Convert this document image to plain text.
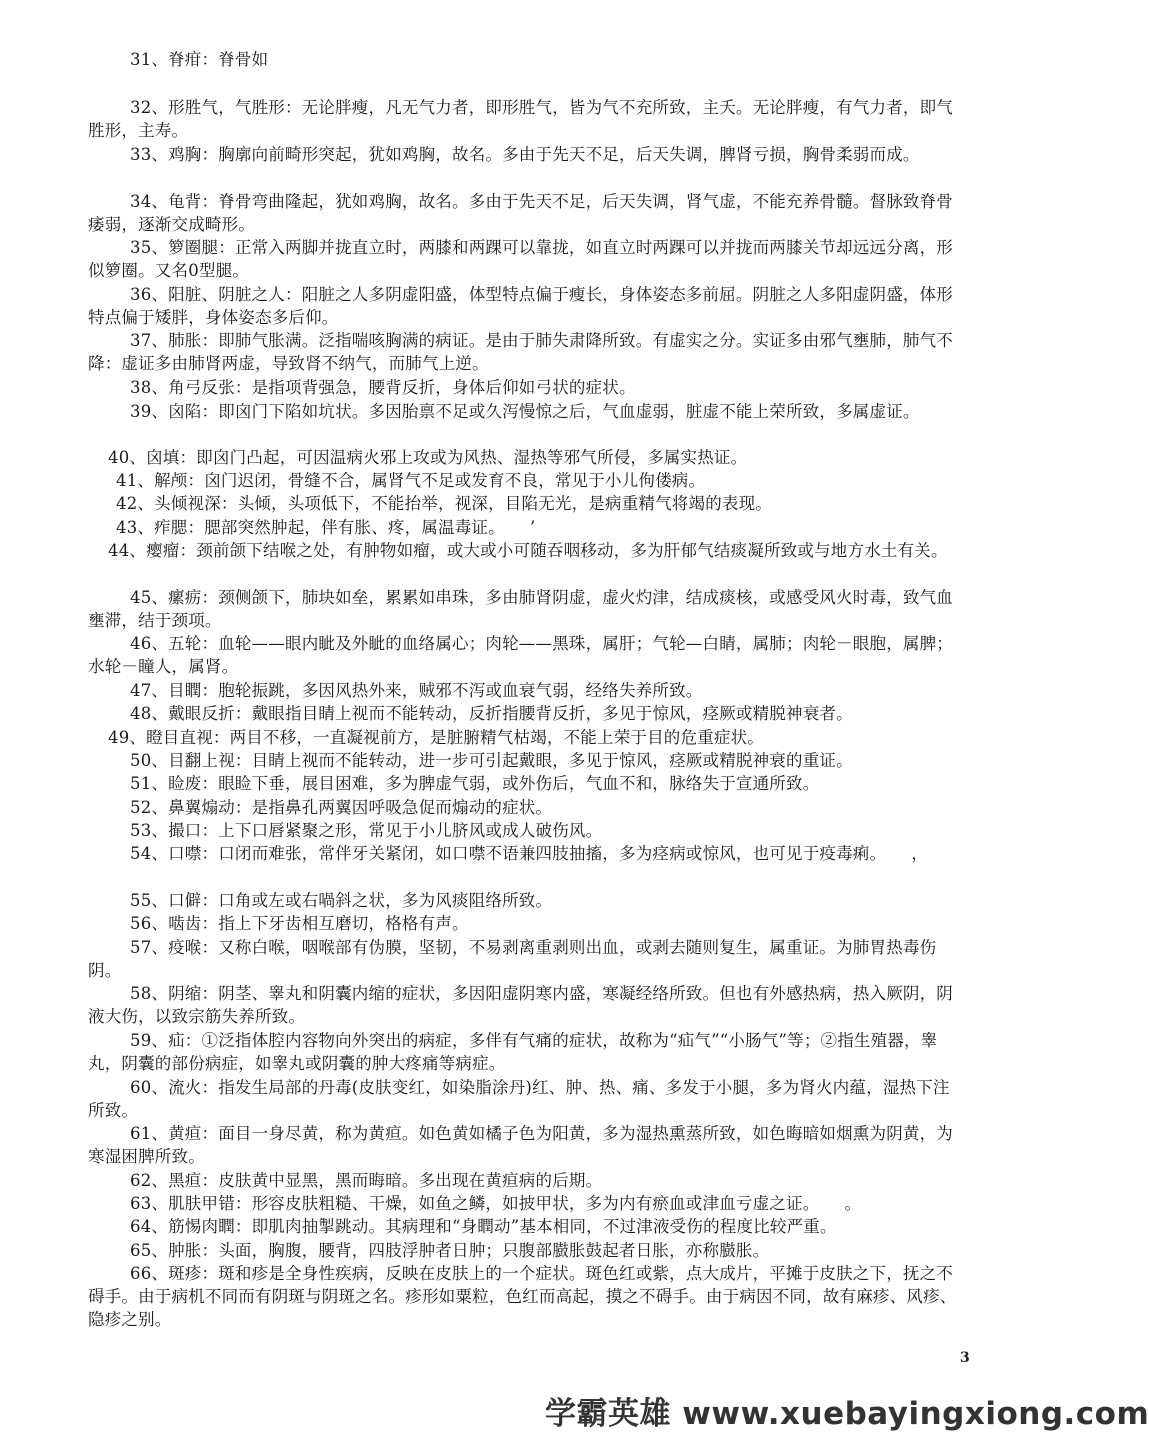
31、脊疳：脊骨如

32、形胜气，气胜形：无论胖瘦，凡无气力者，即形胜气，皆为气不充所致，主夭。无论胖瘦，有气力者，即气胜形，主寿。

33、鸡胸：胸廓向前畸形突起，犹如鸡胸，故名。多由于先天不足，后天失调，脾肾亏损，胸骨柔弱而成。

34、龟背：脊骨弯曲隆起，犹如鸡胸，故名。多由于先天不足，后天失调，肾气虚，不能充养骨髓。督脉致脊骨痿弱，逐渐交成畸形。

35、箩圈腿：正常入两脚并拢直立时，两膝和两踝可以靠拢，如直立时两踝可以并拢而两膝关节却远远分离，形似箩圈。又名0型腿。

36、阳脏、阴脏之人：阳脏之人多阴虚阳盛，体型特点偏于瘦长，身体姿态多前屈。阴脏之人多阳虚阴盛，体形特点偏于矮胖，身体姿态多后仰。

37、肺胀：即肺气胀满。泛指喘咳胸满的病证。是由于肺失肃降所致。有虚实之分。实证多由邪气壅肺，肺气不降：虚证多由肺肾两虚，导致肾不纳气，而肺气上逆。

38、角弓反张：是指项背强急，腰背反折，身体后仰如弓状的症状。

39、囟陷：即囟门下陷如坑状。多因胎禀不足或久泻慢惊之后，气血虚弱，脏虚不能上荣所致，多属虚证。

40、囟填：即囟门凸起，可因温病火邪上攻或为风热、湿热等邪气所侵，多属实热证。

41、解颅：囟门迟闭，骨缝不合，属肾气不足或发育不良，常见于小儿佝偻病。

42、头倾视深：头倾，头项低下，不能抬举，视深，目陷无光，是病重精气将竭的表现。

43、痄腮：腮部突然肿起，伴有胀、疼，属温毒证。　　’

44、瘿瘤：颈前颌下结喉之处，有肿物如瘤，或大或小可随吞咽移动，多为肝郁气结痰凝所致或与地方水土有关。

45、瘰疬：颈侧颌下，肺块如垒，累累如串珠，多由肺肾阴虚，虚火灼津，结成痰核，或感受风火时毒，致气血壅滞，结于颈项。

46、五轮：血轮——眼内眦及外眦的血络属心；肉轮——黑珠，属肝；气轮—白睛，属肺；肉轮－眼胞，属脾；水轮－瞳人，属肾。

47、目瞤：胞轮振跳，多因风热外来，贼邪不泻或血衰气弱，经络失养所致。

48、戴眼反折：戴眼指目睛上视而不能转动，反折指腰背反折，多见于惊风，痉厥或精脱神衰者。

49、瞪目直视：两目不移，一直凝视前方，是脏腑精气枯竭，不能上荣于目的危重症状。

50、目翻上视：目睛上视而不能转动，进一步可引起戴眼，多见于惊风，痉厥或精脱神衰的重证。

51、睑废：眼睑下垂，展目困难，多为脾虚气弱，或外伤后，气血不和，脉络失于宣通所致。

52、鼻翼煽动：是指鼻孔两翼因呼吸急促而煽动的症状。

53、撮口：上下口唇紧聚之形，常见于小儿脐风或成人破伤风。

54、口噤：口闭而难张，常伴牙关紧闭，如口噤不语兼四肢抽搐，多为痉病或惊风，也可见于疫毒痢。　　，

55、口僻：口角或左或右喎斜之状，多为风痰阻络所致。

56、啮齿：指上下牙齿相互磨切，格格有声。

57、疫喉：又称白喉，咽喉部有伪膜，坚韧，不易剥离重剥则出血，或剥去随则复生，属重证。为肺胃热毒伤阴。

58、阴缩：阴茎、睾丸和阴囊内缩的症状，多因阳虚阴寒内盛，寒凝经络所致。但也有外感热病，热入厥阴，阴液大伤，以致宗筋失养所致。

59、疝：①泛指体腔内容物向外突出的病症，多伴有气痛的症状，故称为“疝气”“小肠气”等；②指生殖器，睾丸，阴囊的部份病症，如睾丸或阴囊的肿大疼痛等病症。

60、流火：指发生局部的丹毒(皮肤变红，如染脂涂丹)红、肿、热、痛、多发于小腿，多为肾火内蕴，湿热下注所致。

61、黄疸：面目一身尽黄，称为黄疸。如色黄如橘子色为阳黄，多为湿热熏蒸所致，如色晦暗如烟熏为阴黄，为寒湿困脾所致。

62、黑疸：皮肤黄中显黑，黑而晦暗。多出现在黄疸病的后期。

63、肌肤甲错：形容皮肤粗糙、干燥，如鱼之鳞，如披甲状，多为内有瘀血或津血亏虚之证。　　。

64、筋惕肉瞤：即肌肉抽掣跳动。其病理和“身瞤动”基本相同，不过津液受伤的程度比较严重。

65、肿胀：头面，胸腹，腰背，四肢浮肿者日肿；只腹部臌胀鼓起者日胀，亦称臌胀。

66、斑疹：斑和疹是全身性疾病，反映在皮肤上的一个症状。斑色红或紫，点大成片，平摊于皮肤之下，抚之不碍手。由于病机不同而有阴斑与阴斑之名。疹形如粟粒，色红而高起，摸之不碍手。由于病因不同，故有麻疹、风疹、隐疹之别。

3
学霸英雄 www.xuebayingxiong.com
